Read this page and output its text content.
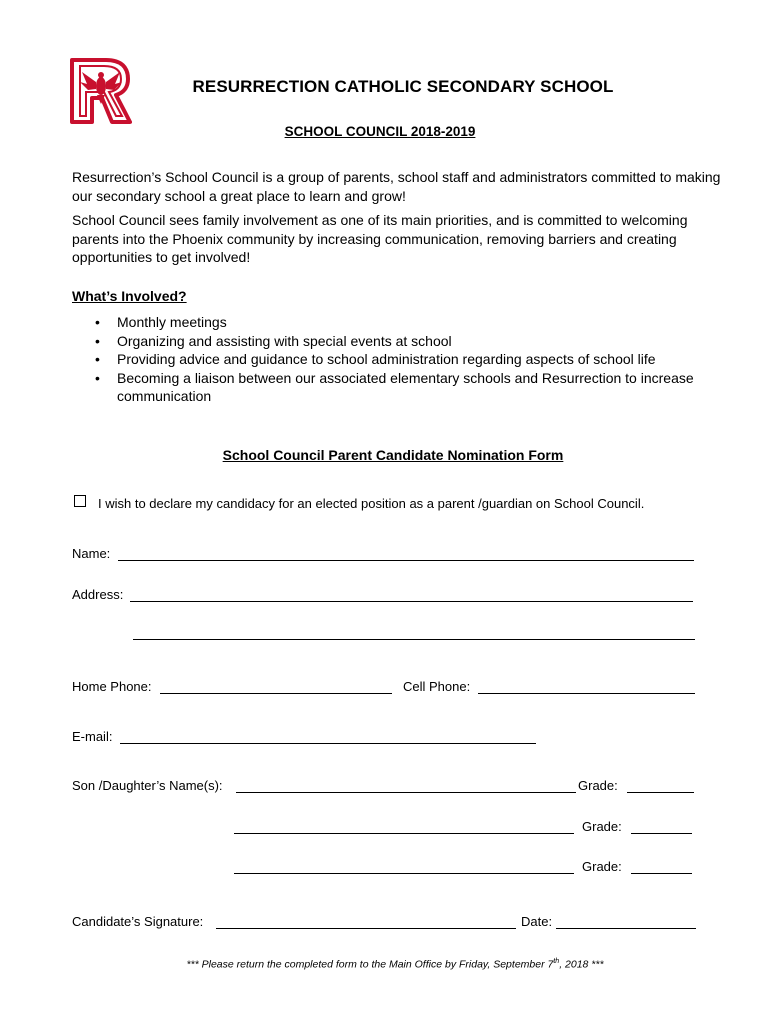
RESURRECTION CATHOLIC SECONDARY SCHOOL
SCHOOL COUNCIL 2018-2019
Resurrection’s School Council is a group of parents, school staff and administrators committed to making our secondary school a great place to learn and grow!
School Council sees family involvement as one of its main priorities, and is committed to welcoming parents into the Phoenix community by increasing communication, removing barriers and creating opportunities to get involved!
What’s Involved?
• Monthly meetings
• Organizing and assisting with special events at school
• Providing advice and guidance to school administration regarding aspects of school life
• Becoming a liaison between our associated elementary schools and Resurrection to increase communication
School Council Parent Candidate Nomination Form
I wish to declare my candidacy for an elected position as a parent /guardian on School Council.
Name:
Address:
Home Phone:	Cell Phone:
E-mail:
Son /Daughter’s Name(s):	Grade:
Grade:
Grade:
Candidate’s Signature:	Date:
*** Please return the completed form to the Main Office by Friday, September 7th, 2018 ***
